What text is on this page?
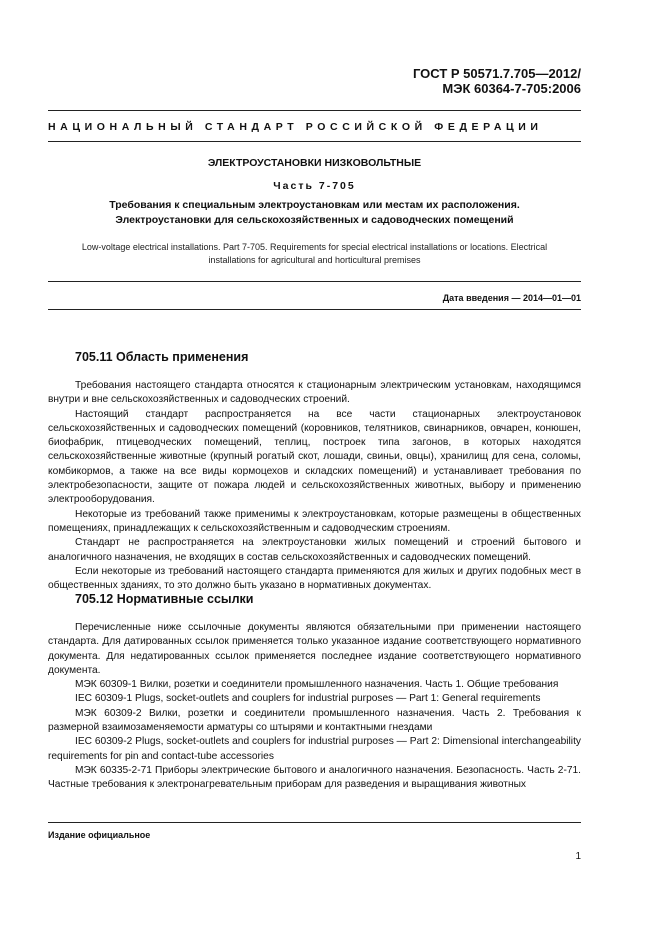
ГОСТ Р 50571.7.705—2012/
МЭК 60364-7-705:2006
НАЦИОНАЛЬНЫЙ СТАНДАРТ РОССИЙСКОЙ ФЕДЕРАЦИИ
ЭЛЕКТРОУСТАНОВКИ НИЗКОВОЛЬТНЫЕ
Часть 7-705
Требования к специальным электроустановкам или местам их расположения.
Электроустановки для сельскохозяйственных и садоводческих помещений
Low-voltage electrical installations. Part 7-705. Requirements for special electrical installations or locations. Electrical
installations for agricultural and horticultural premises
Дата введения — 2014—01—01
705.11 Область применения

Требования настоящего стандарта относятся к стационарным электрическим установкам, находящимся внутри и вне сельскохозяйственных и садоводческих строений.

Настоящий стандарт распространяется на все части стационарных электроустановок сельскохозяйственных и садоводческих помещений (коровников, телятников, свинарников, овчарен, конюшен, биофабрик, птицеводческих помещений, теплиц, построек типа загонов, в которых находятся сельскохозяйственные животные (крупный рогатый скот, лошади, свиньи, овцы), хранилищ для сена, соломы, комбикормов, а также на все виды кормоцехов и складских помещений) и устанавливает требования по электробезопасности, защите от пожара людей и сельскохозяйственных животных, выбору и применению электрооборудования.

Некоторые из требований также применимы к электроустановкам, которые размещены в общественных помещениях, принадлежащих к сельскохозяйственным и садоводческим строениям.

Стандарт не распространяется на электроустановки жилых помещений и строений бытового и аналогичного назначения, не входящих в состав сельскохозяйственных и садоводческих помещений.

Если некоторые из требований настоящего стандарта применяются для жилых и других подобных мест в общественных зданиях, то это должно быть указано в нормативных документах.

705.12 Нормативные ссылки

Перечисленные ниже ссылочные документы являются обязательными при применении настоящего стандарта. Для датированных ссылок применяется только указанное издание соответствующего нормативного документа. Для недатированных ссылок применяется последнее издание соответствующего нормативного документа.

МЭК 60309-1 Вилки, розетки и соединители промышленного назначения. Часть 1. Общие требования

IEC 60309-1 Plugs, socket-outlets and couplers for industrial purposes — Part 1: General requirements

МЭК 60309-2 Вилки, розетки и соединители промышленного назначения. Часть 2. Требования к размерной взаимозаменяемости арматуры со штырями и контактными гнездами

IEC 60309-2 Plugs, socket-outlets and couplers for industrial purposes — Part 2: Dimensional interchangeability requirements for pin and contact-tube accessories

МЭК 60335-2-71 Приборы электрические бытового и аналогичного назначения. Безопасность. Часть 2-71. Частные требования к электронагревательным приборам для разведения и выращивания животных

Издание официальное
1
